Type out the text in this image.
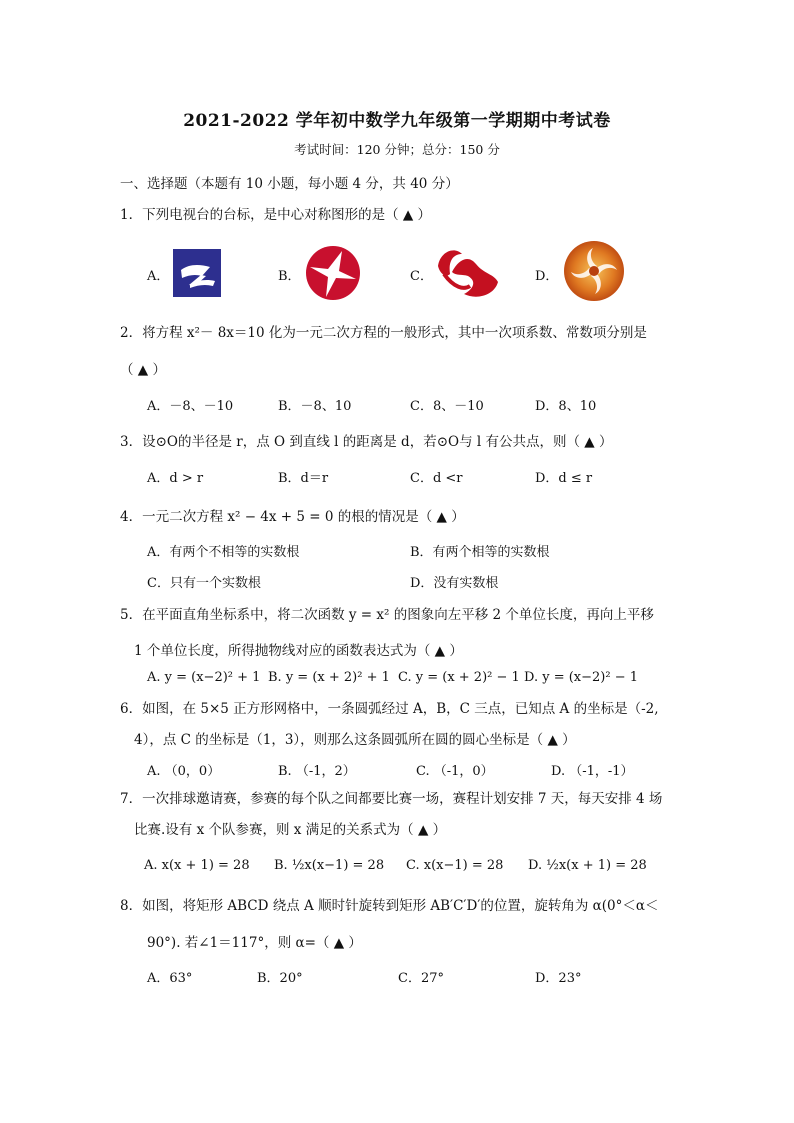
2021-2022 学年初中数学九年级第一学期期中考试卷
考试时间：120 分钟；总分：150 分
一、选择题（本题有 10 小题，每小题 4 分，共 40 分）
1．下列电视台的台标，是中心对称图形的是（ ▲ ）
A．	B．	C．	D．
2．将方程 x²－ 8x＝10 化为一元二次方程的一般形式，其中一次项系数、常数项分别是
（ ▲ ）
A．－8、－10	B．－8、10	C．8、－10	D．8、10
3．设⊙O的半径是 r，点 O 到直线 l 的距离是 d，若⊙O与 l 有公共点，则（ ▲ ）
A．d > r	B．d＝r	C．d <r	D．d ≤ r
4．一元二次方程 x² − 4x + 5 = 0 的根的情况是（ ▲ ）
A．有两个不相等的实数根	B．有两个相等的实数根
C．只有一个实数根	D．没有实数根
5．在平面直角坐标系中，将二次函数 y = x² 的图象向左平移 2 个单位长度，再向上平移
1 个单位长度，所得抛物线对应的函数表达式为（ ▲ ）
A. y = (x−2)² + 1 B. y = (x + 2)² + 1 C. y = (x + 2)² − 1 D. y = (x−2)² − 1
6．如图，在 5×5 正方形网格中，一条圆弧经过 A，B，C 三点，已知点 A 的坐标是（-2,
4），点 C 的坐标是（1，3），则那么这条圆弧所在圆的圆心坐标是（ ▲ ）
A. （0，0）	B. （-1，2）	C. （-1，0）	D. （-1，-1）
7．一次排球邀请赛，参赛的每个队之间都要比赛一场，赛程计划安排 7 天，每天安排 4 场
比赛.设有 x 个队参赛，则 x 满足的关系式为（ ▲ ）
A. x(x + 1) = 28 B. ½x(x−1) = 28 C. x(x−1) = 28 D. ½x(x + 1) = 28
8．如图，将矩形 ABCD 绕点 A 顺时针旋转到矩形 AB′C′D′的位置，旋转角为 α(0°＜α＜
90°). 若∠1＝117°，则 α=（ ▲ ）
A．63°	B．20°	C．27°	D．23°
